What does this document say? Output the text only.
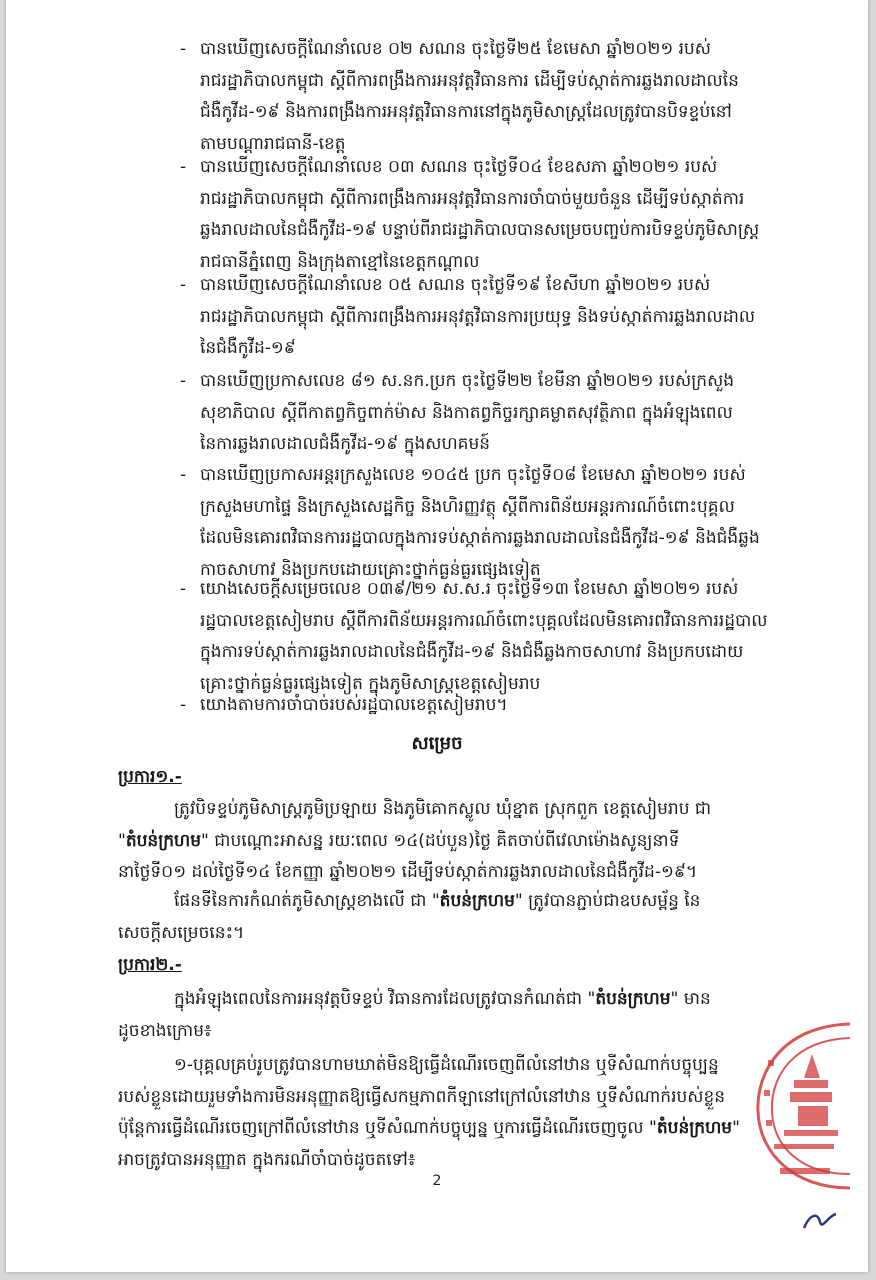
- បានឃើញសេចក្តីណែនាំលេខ ០២ សណន ចុះថ្ងៃទី២៥ ខែមេសា ឆ្នាំ២០២១ របស់
រាជរដ្ឋាភិបាលកម្ពុជា ស្តីពីការពង្រឹងការអនុវត្តវិធានការ ដើម្បីទប់ស្កាត់ការឆ្លងរាលដាលនៃ
ជំងឺកូវីដ-១៩ និងការពង្រឹងការអនុវត្តវិធានការនៅក្នុងភូមិសាស្ត្រដែលត្រូវបានបិទខ្ទប់នៅ
តាមបណ្តារាជធានី-ខេត្ត
- បានឃើញសេចក្តីណែនាំលេខ ០៣ សណន ចុះថ្ងៃទី០៤ ខែឧសភា ឆ្នាំ២០២១ របស់
រាជរដ្ឋាភិបាលកម្ពុជា ស្តីពីការពង្រឹងការអនុវត្តវិធានការចាំបាច់មួយចំនួន ដើម្បីទប់ស្កាត់ការ
ឆ្លងរាលដាលនៃជំងឺកូវីដ-១៩ បន្ទាប់ពីរាជរដ្ឋាភិបាលបានសម្រេចបញ្ចប់ការបិទខ្ទប់ភូមិសាស្ត្រ
រាជធានីភ្នំពេញ និងក្រុងតាខ្មៅនៃខេត្តកណ្តាល
- បានឃើញសេចក្តីណែនាំលេខ ០៥ សណន ចុះថ្ងៃទី១៩ ខែសីហា ឆ្នាំ២០២១ របស់
រាជរដ្ឋាភិបាលកម្ពុជា ស្តីពីការពង្រឹងការអនុវត្តវិធានការប្រយុទ្ធ និងទប់ស្កាត់ការឆ្លងរាលដាល
នៃជំងឺកូវីដ-១៩
- បានឃើញប្រកាសលេខ ៨១ ស.នក.ប្រក ចុះថ្ងៃទី២២ ខែមីនា ឆ្នាំ២០២១ របស់ក្រសួង
សុខាភិបាល ស្តីពីកាតព្វកិច្ចពាក់ម៉ាស និងកាតព្វកិច្ចរក្សាគម្លាតសុវត្ថិភាព ក្នុងអំឡុងពេល
នៃការឆ្លងរាលដាលជំងឺកូវីដ-១៩ ក្នុងសហគមន៍
- បានឃើញប្រកាសអន្តរក្រសួងលេខ ១០៤៥ ប្រក ចុះថ្ងៃទី០៨ ខែមេសា ឆ្នាំ២០២១ របស់
ក្រសួងមហាផ្ទៃ និងក្រសួងសេដ្ឋកិច្ច និងហិរញ្ញវត្ថុ ស្តីពីការពិន័យអន្តរការណ៍ចំពោះបុគ្គល
ដែលមិនគោរពវិធានការរដ្ឋបាលក្នុងការទប់ស្កាត់ការឆ្លងរាលដាលនៃជំងឺកូវីដ-១៩ និងជំងឺឆ្លង
កាចសាហាវ និងប្រកបដោយគ្រោះថ្នាក់ធ្ងន់ធ្ងរផ្សេងទៀត
- យោងសេចក្តីសម្រេចលេខ ០៣៩/២១ ស.ស.រ ចុះថ្ងៃទី១៣ ខែមេសា ឆ្នាំ២០២១ របស់
រដ្ឋបាលខេត្តសៀមរាប ស្តីពីការពិន័យអន្តរការណ៍ចំពោះបុគ្គលដែលមិនគោរពវិធានការរដ្ឋបាល
ក្នុងការទប់ស្កាត់ការឆ្លងរាលដាលនៃជំងឺកូវីដ-១៩ និងជំងឺឆ្លងកាចសាហាវ និងប្រកបដោយ
គ្រោះថ្នាក់ធ្ងន់ធ្ងរផ្សេងទៀត ក្នុងភូមិសាស្ត្រខេត្តសៀមរាប
- យោងតាមការចាំបាច់របស់រដ្ឋបាលខេត្តសៀមរាប។
សម្រេច
ប្រការ១.-
ត្រូវបិទខ្ទប់ភូមិសាស្ត្រភូមិប្រឡាយ និងភូមិគោកស្លូល ឃុំខ្នាត ស្រុកពួក ខេត្តសៀមរាប ជា
"តំបន់ក្រហម" ជាបណ្តោះអាសន្ន រយៈពេល ១៤(ដប់បួន)ថ្ងៃ គិតចាប់ពីវេលាម៉ោងសូន្យនាទី
នាថ្ងៃទី០១ ដល់ថ្ងៃទី១៤ ខែកញ្ញា ឆ្នាំ២០២១ ដើម្បីទប់ស្កាត់ការឆ្លងរាលដាលនៃជំងឺកូវីដ-១៩។
ផែនទីនៃការកំណត់ភូមិសាស្ត្រខាងលើ ជា "តំបន់ក្រហម" ត្រូវបានភ្ជាប់ជាឧបសម្ព័ន្ធ នៃ
សេចក្តីសម្រេចនេះ។
ប្រការ២.-
ក្នុងអំឡុងពេលនៃការអនុវត្តបិទខ្ទប់ វិធានការដែលត្រូវបានកំណត់ជា "តំបន់ក្រហម" មាន
ដូចខាងក្រោម៖
១-បុគ្គលគ្រប់រូបត្រូវបានហាមឃាត់មិនឱ្យធ្វើដំណើរចេញពីលំនៅឋាន ឬទីសំណាក់បច្ចុប្បន្ន
របស់ខ្លួនដោយរួមទាំងការមិនអនុញ្ញាតឱ្យធ្វើសកម្មភាពកីឡានៅក្រៅលំនៅឋាន ឬទីសំណាក់របស់ខ្លួន
ប៉ុន្តែការធ្វើដំណើរចេញក្រៅពីលំនៅឋាន ឬទីសំណាក់បច្ចុប្បន្ន ឬការធ្វើដំណើរចេញចូល "តំបន់ក្រហម"
អាចត្រូវបានអនុញ្ញាត ក្នុងករណីចាំបាច់ដូចតទៅ៖
2
